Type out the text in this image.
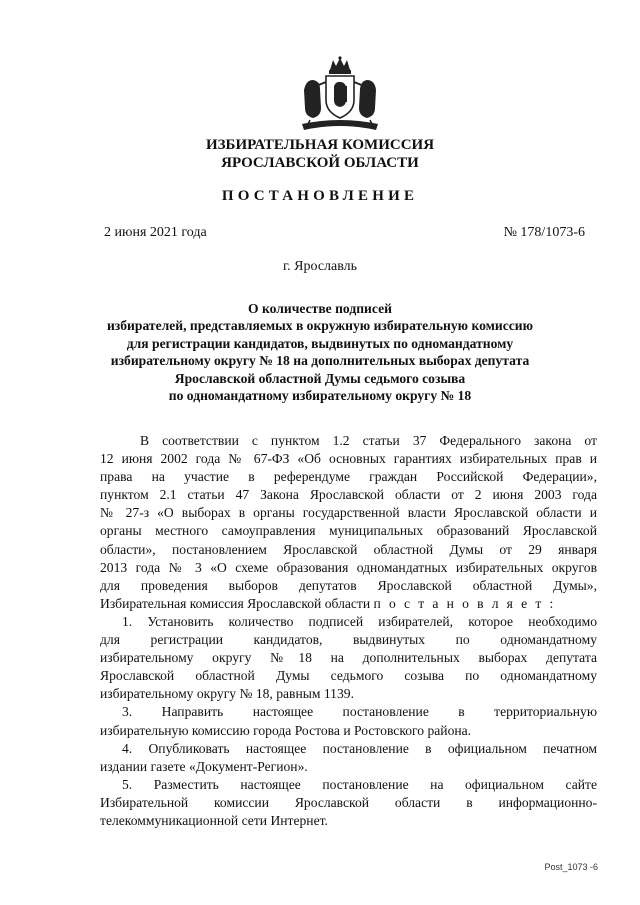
ИЗБИРАТЕЛЬНАЯ КОМИССИЯ
ЯРОСЛАВСКОЙ ОБЛАСТИ
ПОСТАНОВЛЕНИЕ
2 июня 2021 года	№ 178/1073-6
г. Ярославль
О количестве подписей
избирателей, представляемых в окружную избирательную комиссию
для регистрации кандидатов, выдвинутых по одномандатному
избирательному округу № 18 на дополнительных выборах депутата
Ярославской областной Думы седьмого созыва
по одномандатному избирательному округу № 18
В соответствии с пунктом 1.2 статьи 37 Федерального закона от
12 июня 2002 года № 67-ФЗ «Об основных гарантиях избирательных прав и
права на участие в референдуме граждан Российской Федерации»,
пунктом 2.1 статьи 47 Закона Ярославской области от 2 июня 2003 года
№ 27-з «О выборах в органы государственной власти Ярославской области и
органы местного самоуправления муниципальных образований Ярославской
области», постановлением Ярославской областной Думы от 29 января
2013 года № 3 «О схеме образования одномандатных избирательных округов
для проведения выборов депутатов Ярославской областной Думы»,
Избирательная комиссия Ярославской области п о с т а н о в л я е т :
1. Установить количество подписей избирателей, которое необходимо
для регистрации кандидатов, выдвинутых по одномандатному
избирательному округу №18 на дополнительных выборах депутата
Ярославской областной Думы седьмого созыва по одномандатному
избирательному округу № 18, равным 1139.
3. Направить настоящее постановление в территориальную
избирательную комиссию города Ростова и Ростовского района.
4. Опубликовать настоящее постановление в официальном печатном
издании газете «Документ-Регион».
5. Разместить настоящее постановление на официальном сайте
Избирательной комиссии Ярославской области в информационно-
телекоммуникационной сети Интернет.
Post_1073 -6
